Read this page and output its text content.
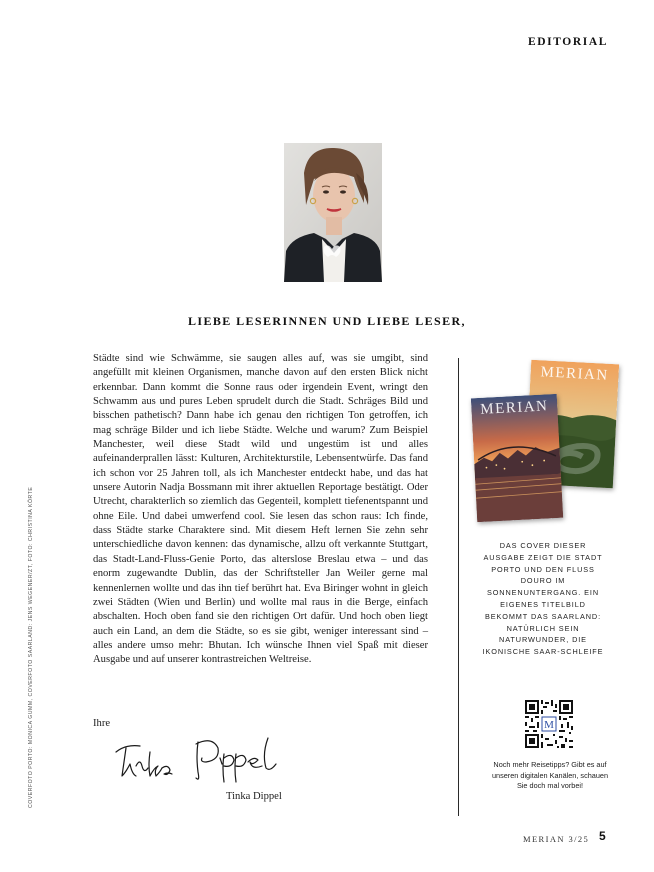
EDITORIAL
LIEBE LESERINNEN UND LIEBE LESER,

Städte sind wie Schwämme, sie saugen alles auf, was sie umgibt, sind angefüllt mit kleinen Organismen, manche davon auf den ersten Blick nicht erkennbar. Dann kommt die Sonne raus oder irgendein Event, wringt den Schwamm aus und pures Leben sprudelt durch die Stadt. Schräges Bild und bisschen pathetisch? Dann habe ich genau den richtigen Ton getroffen, ich mag schräge Bilder und ich liebe Städte. Welche und warum? Zum Beispiel Manchester, weil diese Stadt wild und ungestüm ist und alles aufeinanderprallen lässt: Kulturen, Architekturstile, Lebensentwürfe. Das fand ich schon vor 25 Jahren toll, als ich Manchester entdeckt habe, und das hat unsere Autorin Nadja Bossmann mit ihrer aktuellen Reportage bestätigt. Oder Utrecht, charakterlich so ziemlich das Gegenteil, komplett tiefenentspannt und ohne Eile. Und dabei umwerfend cool. Sie lesen das schon raus: Ich finde, dass Städte starke Charaktere sind. Mit diesem Heft lernen Sie zehn sehr unterschiedliche davon kennen: das dynamische, allzu oft verkannte Stuttgart, das Stadt-Land-Fluss-Genie Porto, das alterslose Breslau etwa – und das enorm zugewandte Dublin, das der Schriftsteller Jan Weiler gerne mal kennenlernen wollte und das ihn tief berührt hat. Eva Biringer wohnt in gleich zwei Städten (Wien und Berlin) und wollte mal raus in die Berge, einfach abschalten. Hoch oben fand sie den richtigen Ort dafür. Und hoch oben liegt auch ein Land, an dem die Städte, so es sie gibt, weniger interessant sind – alles andere umso mehr: Bhutan. Ich wünsche Ihnen viel Spaß mit dieser Ausgabe und auf unserer kontrastreichen Weltreise.

Ihre
Tinka Dippel
COVERFOTO PORTO: MONICA GUMM, COVERFOTO SAARLAND: JENS WEGENER/ZT, FOTO: CHRISTINA KÖRTE
MERIAN
MERIAN
DAS COVER DIESER AUSGABE ZEIGT DIE STADT PORTO UND DEN FLUSS DOURO IM SONNENUNTERGANG. EIN EIGENES TITELBILD BEKOMMT DAS SAARLAND: NATÜRLICH SEIN NATURWUNDER, DIE IKONISCHE SAAR-SCHLEIFE
M
Noch mehr Reisetipps? Gibt es auf unseren digitalen Kanälen, schauen Sie doch mal vorbei!
MERIAN 3/25 5
